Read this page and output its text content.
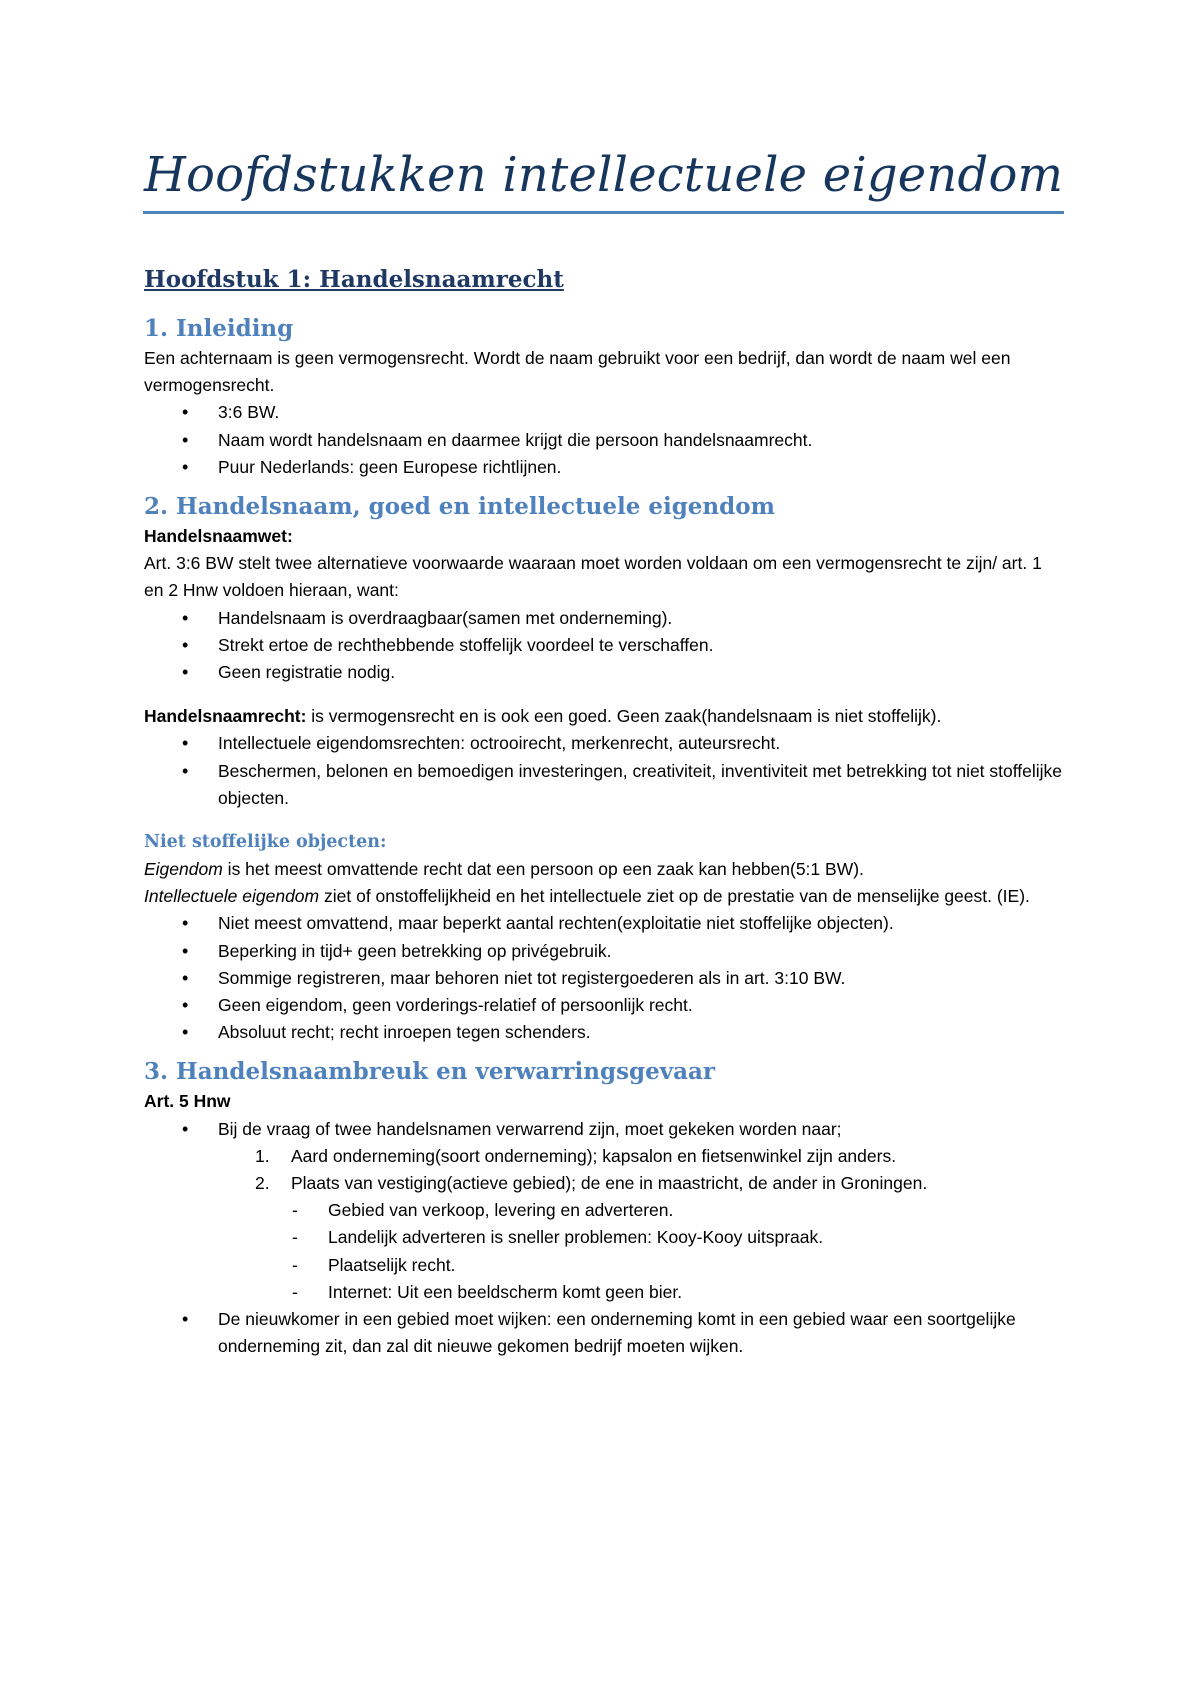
Hoofdstukken intellectuele eigendom
Hoofdstuk 1: Handelsnaamrecht
1. Inleiding

Een achternaam is geen vermogensrecht. Wordt de naam gebruikt voor een bedrijf, dan wordt de naam wel een vermogensrecht.

• 3:6 BW.
• Naam wordt handelsnaam en daarmee krijgt die persoon handelsnaamrecht.
• Puur Nederlands: geen Europese richtlijnen.
2. Handelsnaam, goed en intellectuele eigendom

Handelsnaamwet:

Art. 3:6 BW stelt twee alternatieve voorwaarde waaraan moet worden voldaan om een vermogensrecht te zijn/ art. 1 en 2 Hnw voldoen hieraan, want:

• Handelsnaam is overdraagbaar(samen met onderneming).
• Strekt ertoe de rechthebbende stoffelijk voordeel te verschaffen.
• Geen registratie nodig.

Handelsnaamrecht: is vermogensrecht en is ook een goed. Geen zaak(handelsnaam is niet stoffelijk).

• Intellectuele eigendomsrechten: octrooirecht, merkenrecht, auteursrecht.
• Beschermen, belonen en bemoedigen investeringen, creativiteit, inventiviteit met betrekking tot niet stoffelijke objecten.
Niet stoffelijke objecten:

Eigendom is het meest omvattende recht dat een persoon op een zaak kan hebben(5:1 BW).

Intellectuele eigendom ziet of onstoffelijkheid en het intellectuele ziet op de prestatie van de menselijke geest. (IE).

• Niet meest omvattend, maar beperkt aantal rechten(exploitatie niet stoffelijke objecten).
• Beperking in tijd+ geen betrekking op privégebruik.
• Sommige registreren, maar behoren niet tot registergoederen als in art. 3:10 BW.
• Geen eigendom, geen vorderings-relatief of persoonlijk recht.
• Absoluut recht; recht inroepen tegen schenders.
3. Handelsnaambreuk en verwarringsgevaar

Art. 5 Hnw

• Bij de vraag of twee handelsnamen verwarrend zijn, moet gekeken worden naar;
1. Aard onderneming(soort onderneming); kapsalon en fietsenwinkel zijn anders.
2. Plaats van vestiging(actieve gebied); de ene in maastricht, de ander in Groningen.
- Gebied van verkoop, levering en adverteren.
- Landelijk adverteren is sneller problemen: Kooy-Kooy uitspraak.
- Plaatselijk recht.
- Internet: Uit een beeldscherm komt geen bier.
• De nieuwkomer in een gebied moet wijken: een onderneming komt in een gebied waar een soortgelijke onderneming zit, dan zal dit nieuwe gekomen bedrijf moeten wijken.
